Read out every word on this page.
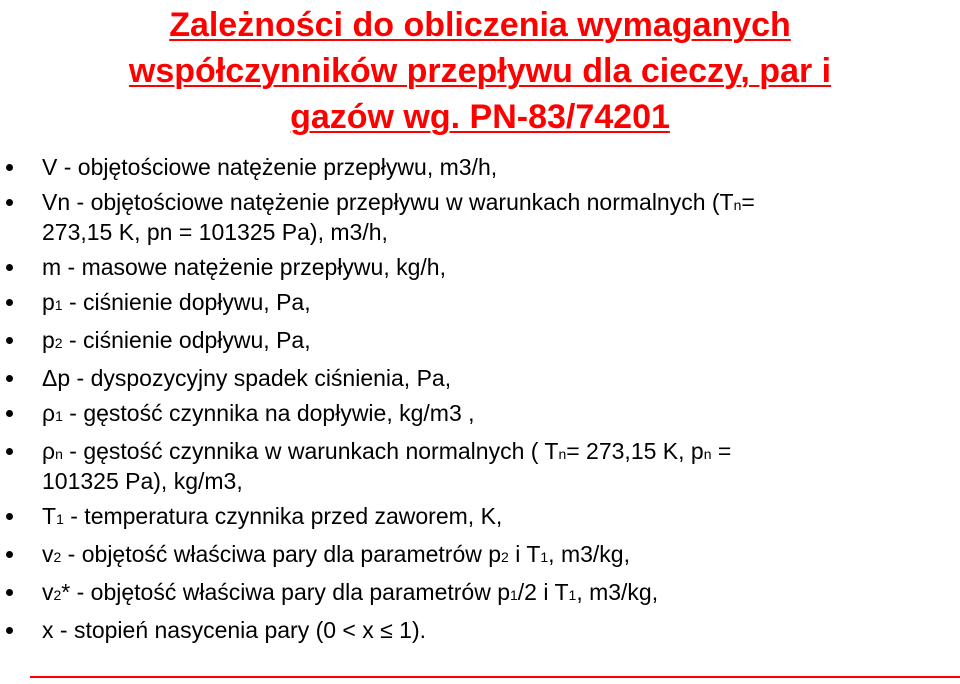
Zależności do obliczenia wymaganych
współczynników przepływu dla cieczy, par i
gazów wg. PN-83/74201
V - objętościowe natężenie przepływu, m3/h,
Vn - objętościowe natężenie przepływu w warunkach normalnych (Tn=
273,15 K, pn = 101325 Pa), m3/h,
m - masowe natężenie przepływu, kg/h,
p1 - ciśnienie dopływu, Pa,
p2 - ciśnienie odpływu, Pa,
Δp - dyspozycyjny spadek ciśnienia, Pa,
ρ1 - gęstość czynnika na dopływie, kg/m3 ,
ρn - gęstość czynnika w warunkach normalnych ( Tn= 273,15 K, pn =
101325 Pa), kg/m3,
T1 - temperatura czynnika przed zaworem, K,
v2 - objętość właściwa pary dla parametrów p2 i T1, m3/kg,
v2* - objętość właściwa pary dla parametrów p1/2 i T1, m3/kg,
x - stopień nasycenia pary (0 < x ≤ 1).
